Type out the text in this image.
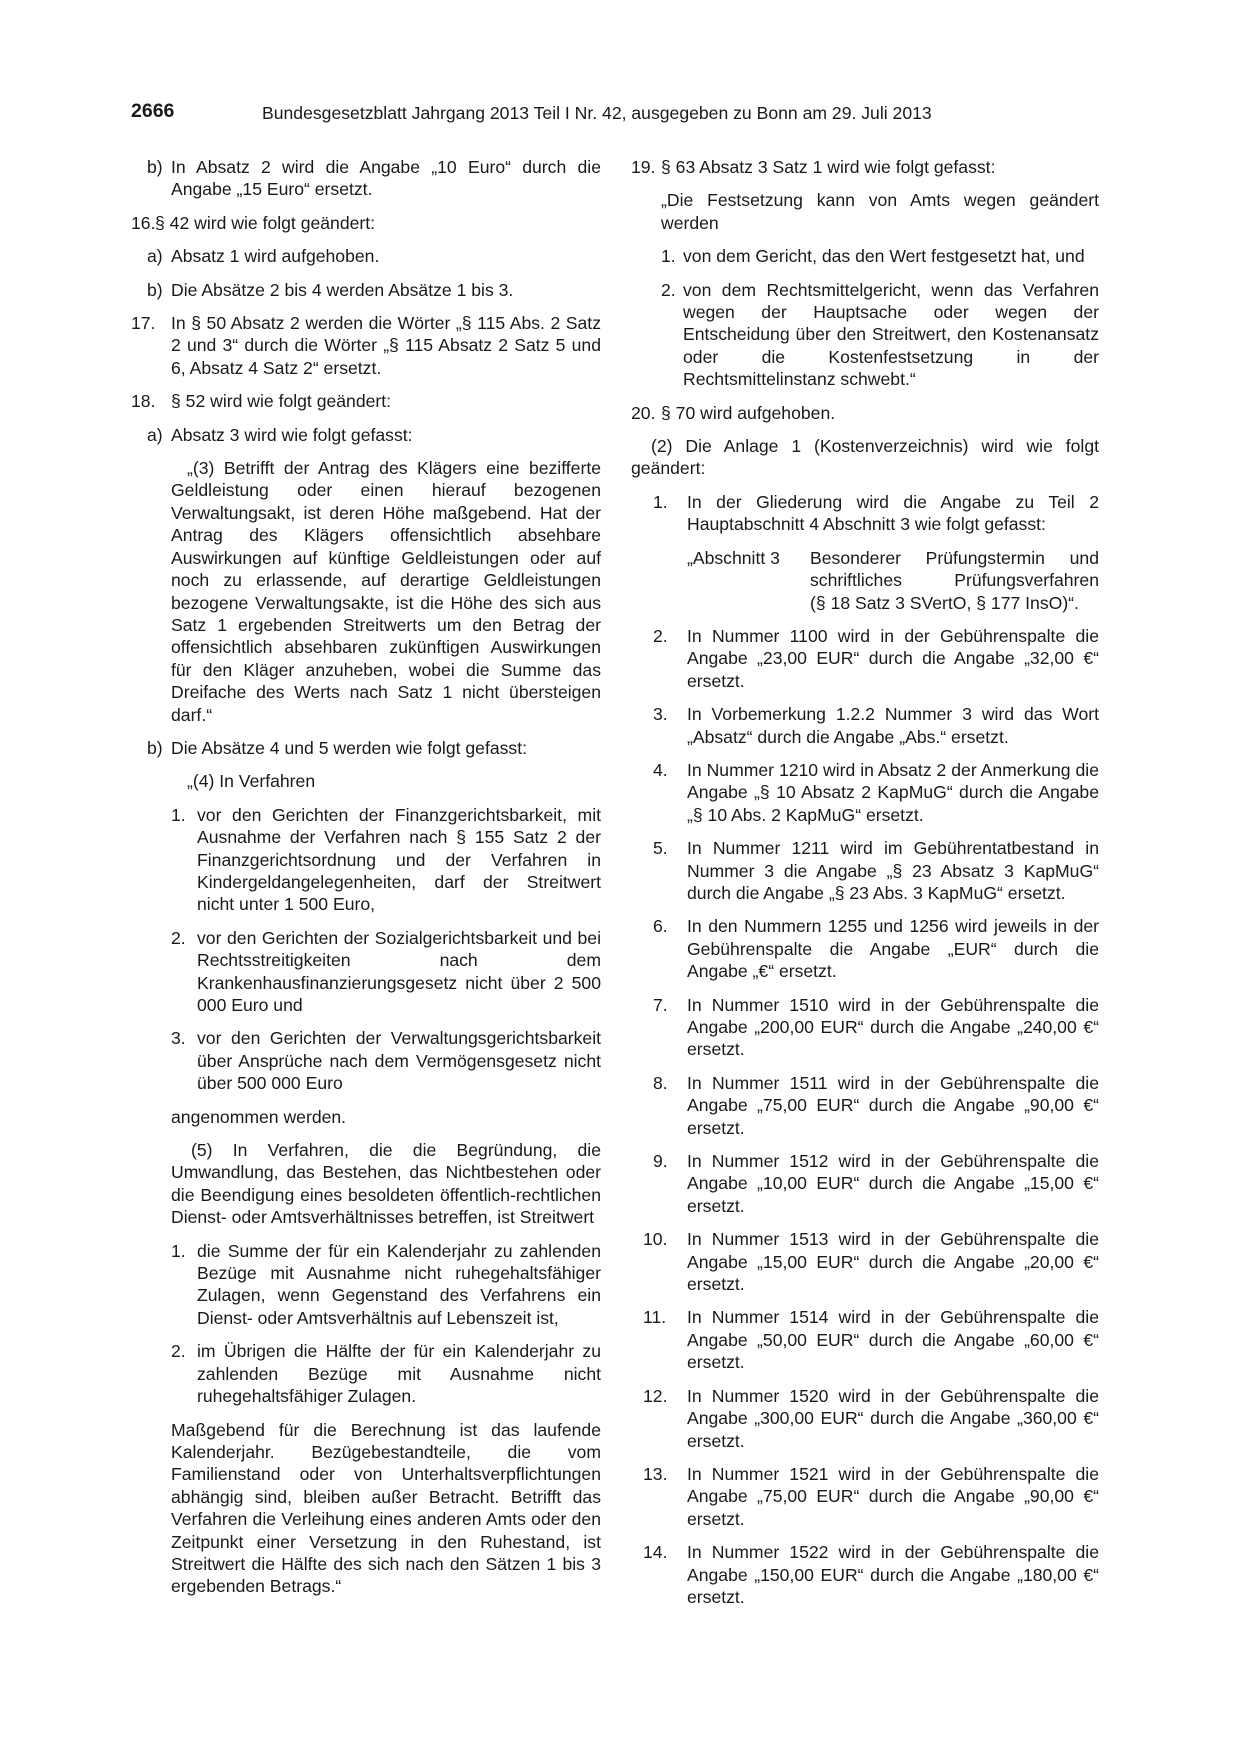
2666	Bundesgesetzblatt Jahrgang 2013 Teil I Nr. 42, ausgegeben zu Bonn am 29. Juli 2013
b) In Absatz 2 wird die Angabe „10 Euro“ durch die Angabe „15 Euro“ ersetzt.
16. § 42 wird wie folgt geändert:
a) Absatz 1 wird aufgehoben.
b) Die Absätze 2 bis 4 werden Absätze 1 bis 3.
17. In § 50 Absatz 2 werden die Wörter „§ 115 Abs. 2 Satz 2 und 3“ durch die Wörter „§ 115 Absatz 2 Satz 5 und 6, Absatz 4 Satz 2“ ersetzt.
18. § 52 wird wie folgt geändert:
a) Absatz 3 wird wie folgt gefasst:

„(3) Betrifft der Antrag des Klägers eine bezifferte Geldleistung oder einen hierauf bezogenen Verwaltungsakt, ist deren Höhe maßgebend. Hat der Antrag des Klägers offensichtlich absehbare Auswirkungen auf künftige Geldleistungen oder auf noch zu erlassende, auf derartige Geldleistungen bezogene Verwaltungsakte, ist die Höhe des sich aus Satz 1 ergebenden Streitwerts um den Betrag der offensichtlich absehbaren zukünftigen Auswirkungen für den Kläger anzuheben, wobei die Summe das Dreifache des Werts nach Satz 1 nicht übersteigen darf.“

b) Die Absätze 4 und 5 werden wie folgt gefasst:

„(4) In Verfahren

1. vor den Gerichten der Finanzgerichtsbarkeit, mit Ausnahme der Verfahren nach § 155 Satz 2 der Finanzgerichtsordnung und der Verfahren in Kindergeldangelegenheiten, darf der Streitwert nicht unter 1 500 Euro,
2. vor den Gerichten der Sozialgerichtsbarkeit und bei Rechtsstreitigkeiten nach dem Krankenhausfinanzierungsgesetz nicht über 2 500 000 Euro und
3. vor den Gerichten der Verwaltungsgerichtsbarkeit über Ansprüche nach dem Vermögensgesetz nicht über 500 000 Euro

angenommen werden.

(5) In Verfahren, die die Begründung, die Umwandlung, das Bestehen, das Nichtbestehen oder die Beendigung eines besoldeten öffentlich-rechtlichen Dienst- oder Amtsverhältnisses betreffen, ist Streitwert

1. die Summe der für ein Kalenderjahr zu zahlenden Bezüge mit Ausnahme nicht ruhegehaltsfähiger Zulagen, wenn Gegenstand des Verfahrens ein Dienst- oder Amtsverhältnis auf Lebenszeit ist,
2. im Übrigen die Hälfte der für ein Kalenderjahr zu zahlenden Bezüge mit Ausnahme nicht ruhegehaltsfähiger Zulagen.

Maßgebend für die Berechnung ist das laufende Kalenderjahr. Bezügebestandteile, die vom Familienstand oder von Unterhaltsverpflichtungen abhängig sind, bleiben außer Betracht. Betrifft das Verfahren die Verleihung eines anderen Amts oder den Zeitpunkt einer Versetzung in den Ruhestand, ist Streitwert die Hälfte des sich nach den Sätzen 1 bis 3 ergebenden Betrags.“

19. § 63 Absatz 3 Satz 1 wird wie folgt gefasst:

„Die Festsetzung kann von Amts wegen geändert werden

1. von dem Gericht, das den Wert festgesetzt hat, und
2. von dem Rechtsmittelgericht, wenn das Verfahren wegen der Hauptsache oder wegen der Entscheidung über den Streitwert, den Kostenansatz oder die Kostenfestsetzung in der Rechtsmittelinstanz schwebt.“
20. § 70 wird aufgehoben.

(2) Die Anlage 1 (Kostenverzeichnis) wird wie folgt geändert:

1.	In der Gliederung wird die Angabe zu Teil 2 Hauptabschnitt 4 Abschnitt 3 wie folgt gefasst:
„Abschnitt 3	Besonderer Prüfungstermin und
schriftliches Prüfungsverfahren
(§ 18 Satz 3 SVertO, § 177 InsO)“.
2.	In Nummer 1100 wird in der Gebührenspalte die Angabe „23,00 EUR“ durch die Angabe „32,00 €“ ersetzt.
3.	In Vorbemerkung 1.2.2 Nummer 3 wird das Wort „Absatz“ durch die Angabe „Abs.“ ersetzt.
4.	In Nummer 1210 wird in Absatz 2 der Anmerkung die Angabe „§ 10 Absatz 2 KapMuG“ durch die Angabe „§ 10 Abs. 2 KapMuG“ ersetzt.
5.	In Nummer 1211 wird im Gebührentatbestand in Nummer 3 die Angabe „§ 23 Absatz 3 KapMuG“ durch die Angabe „§ 23 Abs. 3 KapMuG“ ersetzt.
6.	In den Nummern 1255 und 1256 wird jeweils in der Gebührenspalte die Angabe „EUR“ durch die Angabe „€“ ersetzt.
7.	In Nummer 1510 wird in der Gebührenspalte die Angabe „200,00 EUR“ durch die Angabe „240,00 €“ ersetzt.
8.	In Nummer 1511 wird in der Gebührenspalte die Angabe „75,00 EUR“ durch die Angabe „90,00 €“ ersetzt.
9.	In Nummer 1512 wird in der Gebührenspalte die Angabe „10,00 EUR“ durch die Angabe „15,00 €“ ersetzt.
10.	In Nummer 1513 wird in der Gebührenspalte die Angabe „15,00 EUR“ durch die Angabe „20,00 €“ ersetzt.
11.	In Nummer 1514 wird in der Gebührenspalte die Angabe „50,00 EUR“ durch die Angabe „60,00 €“ ersetzt.
12.	In Nummer 1520 wird in der Gebührenspalte die Angabe „300,00 EUR“ durch die Angabe „360,00 €“ ersetzt.
13.	In Nummer 1521 wird in der Gebührenspalte die Angabe „75,00 EUR“ durch die Angabe „90,00 €“ ersetzt.
14.	In Nummer 1522 wird in der Gebührenspalte die Angabe „150,00 EUR“ durch die Angabe „180,00 €“ ersetzt.
